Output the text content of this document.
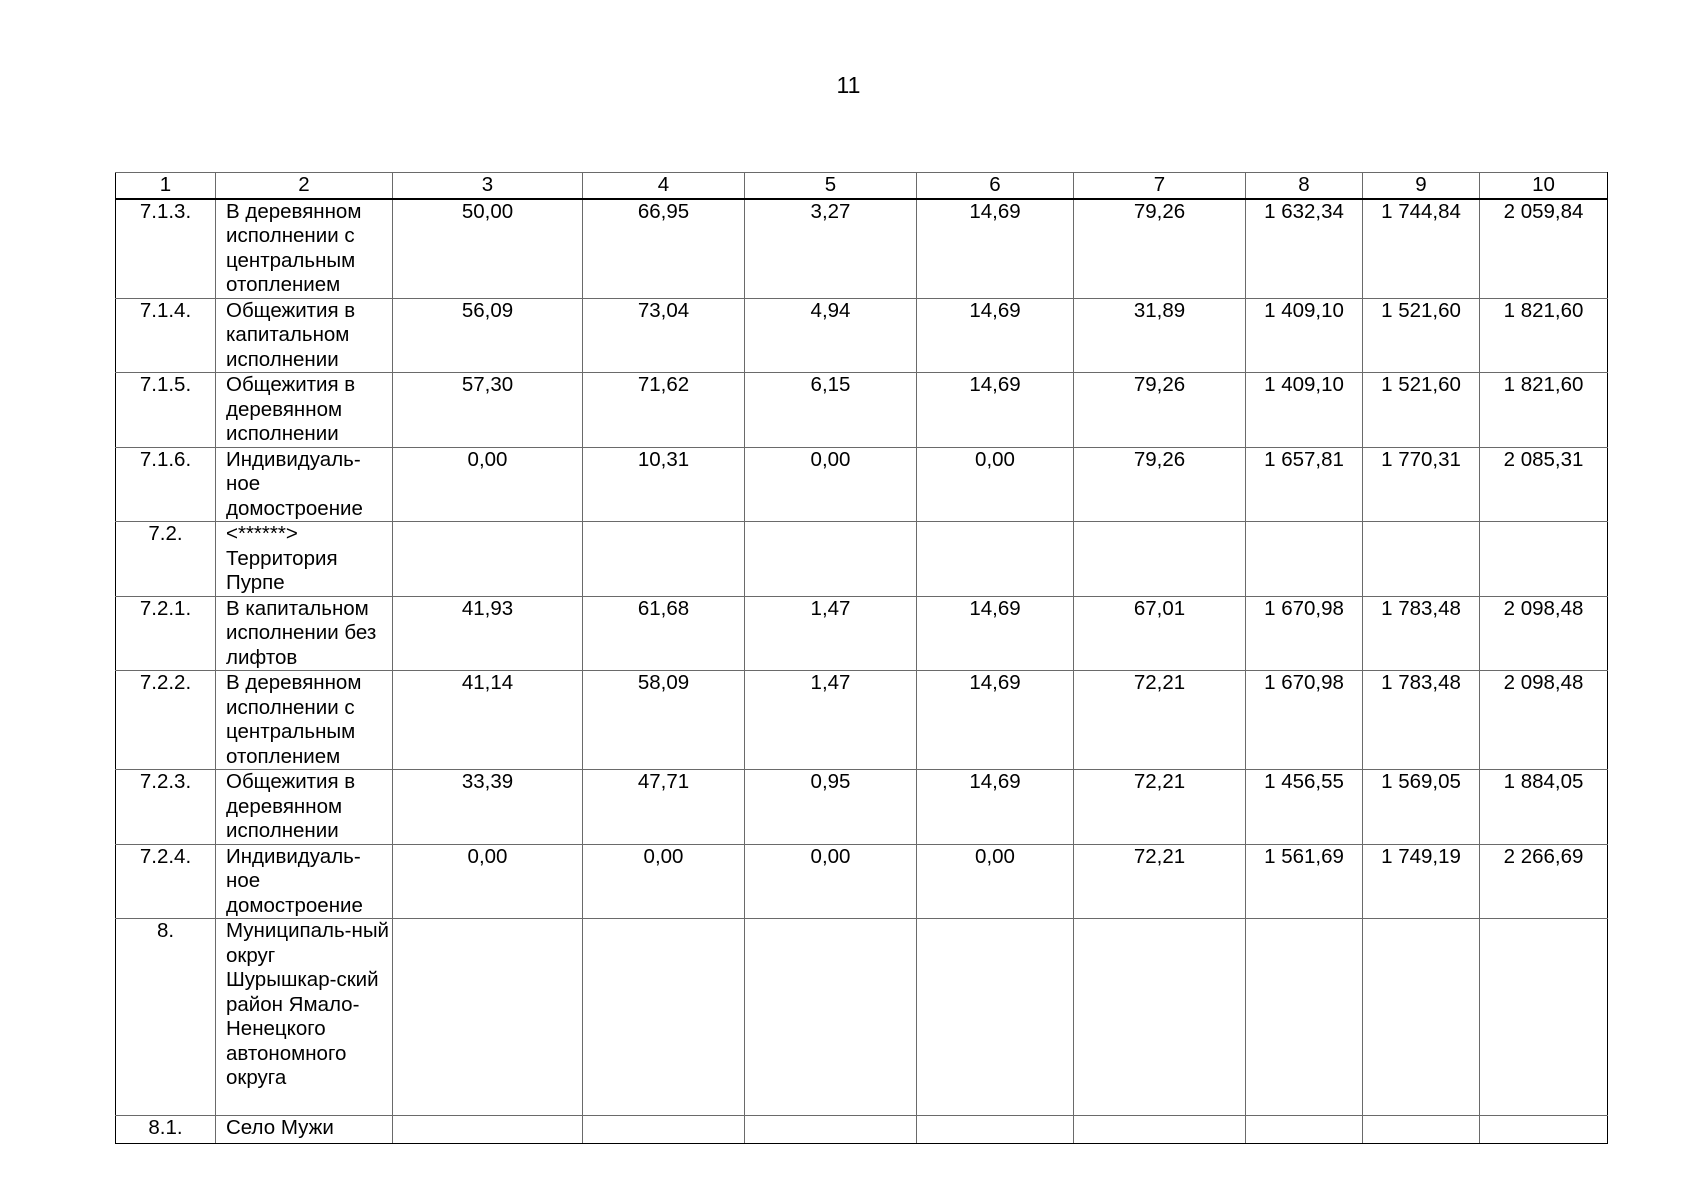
11
1	2	3	4	5	6	7	8	9	10
7.1.3.	В деревянном исполнении с центральным отоплением	50,00	66,95	3,27	14,69	79,26	1 632,34	1 744,84	2 059,84
7.1.4.	Общежития в капитальном исполнении	56,09	73,04	4,94	14,69	31,89	1 409,10	1 521,60	1 821,60
7.1.5.	Общежития в деревянном исполнении	57,30	71,62	6,15	14,69	79,26	1 409,10	1 521,60	1 821,60
7.1.6.	Индивидуаль-ное домостроение	0,00	10,31	0,00	0,00	79,26	1 657,81	1 770,31	2 085,31
7.2.	<******> Территория Пурпе								
7.2.1.	В капитальном исполнении без лифтов	41,93	61,68	1,47	14,69	67,01	1 670,98	1 783,48	2 098,48
7.2.2.	В деревянном исполнении с центральным отоплением	41,14	58,09	1,47	14,69	72,21	1 670,98	1 783,48	2 098,48
7.2.3.	Общежития в деревянном исполнении	33,39	47,71	0,95	14,69	72,21	1 456,55	1 569,05	1 884,05
7.2.4.	Индивидуаль-ное домостроение	0,00	0,00	0,00	0,00	72,21	1 561,69	1 749,19	2 266,69
8.	Муниципаль-ный округ Шурышкар-ский район Ямало-Ненецкого автономного округа								
8.1.	Село Мужи								
